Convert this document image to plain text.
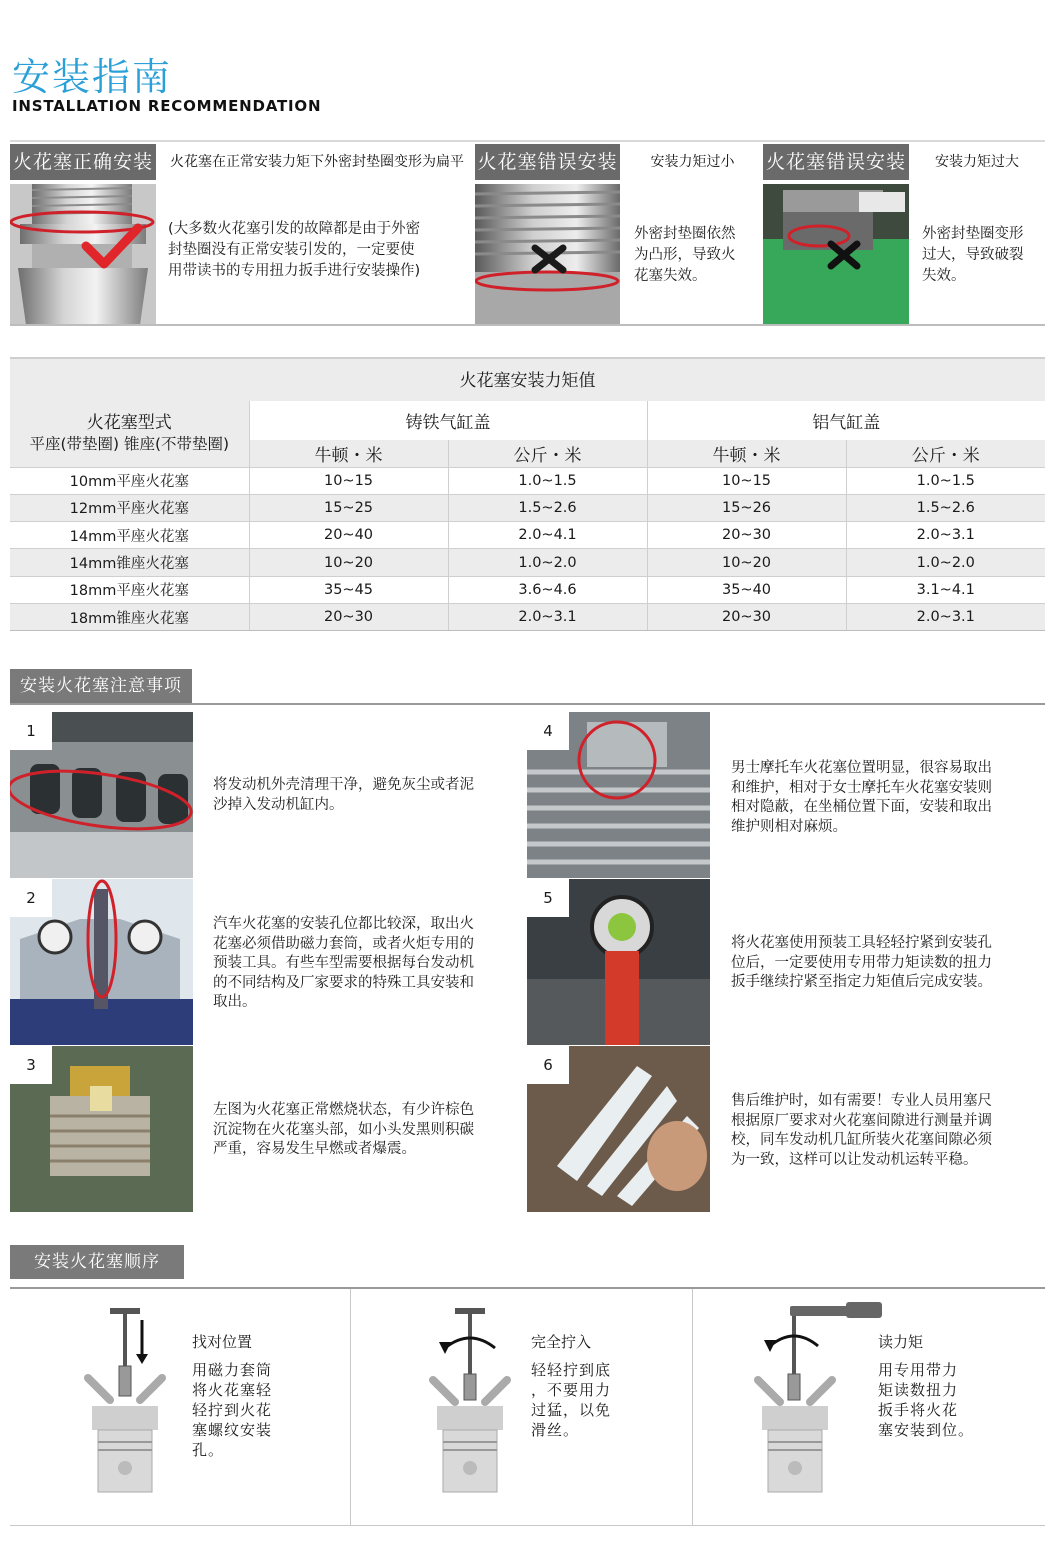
安装指南
INSTALLATION RECOMMENDATION
火花塞正确安装	火花塞在正常安装力矩下外密封垫圈变形为扁平 火花塞错误安装	安装力矩过小	火花塞错误安装	安装力矩过大
(大多数火花塞引发的故障都是由于外密
封垫圈没有正常安装引发的，一定要使
用带读书的专用扭力扳手进行安装操作)
外密封垫圈依然
为凸形，导致火
花塞失效。
外密封垫圈变形
过大，导致破裂
失效。
火花塞安装力矩值
火花塞型式
平座(带垫圈) 锥座(不带垫圈)	铸铁气缸盖		铝气缸盖	
	牛顿・米	公斤・米	牛顿・米	公斤・米
10mm平座火花塞	10~15	1.0~1.5	10~15	1.0~1.5
12mm平座火花塞	15~25	1.5~2.6	15~26	1.5~2.6
14mm平座火花塞	20~40	2.0~4.1	20~30	2.0~3.1
14mm锥座火花塞	10~20	1.0~2.0	10~20	1.0~2.0
18mm平座火花塞	35~45	3.6~4.6	35~40	3.1~4.1
18mm锥座火花塞	20~30	2.0~3.1	20~30	2.0~3.1
安装火花塞注意事项
1
将发动机外壳清理干净，避免灰尘或者泥
沙掉入发动机缸内。
2
汽车火花塞的安装孔位都比较深，取出火
花塞必须借助磁力套筒，或者火炬专用的
预装工具。有些车型需要根据每台发动机
的不同结构及厂家要求的特殊工具安装和
取出。
3
左图为火花塞正常燃烧状态，有少许棕色
沉淀物在火花塞头部，如小头发黑则积碳
严重，容易发生早燃或者爆震。
4
男士摩托车火花塞位置明显，很容易取出
和维护，相对于女士摩托车火花塞安装则
相对隐蔽，在坐桶位置下面，安装和取出
维护则相对麻烦。
5
将火花塞使用预装工具轻轻拧紧到安装孔
位后，一定要使用专用带力矩读数的扭力
扳手继续拧紧至指定力矩值后完成安装。
6
售后维护时，如有需要！专业人员用塞尺
根据原厂要求对火花塞间隙进行测量并调
校，同车发动机几缸所装火花塞间隙必须
为一致，这样可以让发动机运转平稳。
安装火花塞顺序
找对位置
用磁力套筒
将火花塞轻
轻拧到火花
塞螺纹安装
孔。
完全拧入
轻轻拧到底
，不要用力
过猛，以免
滑丝。
读力矩
用专用带力
矩读数扭力
扳手将火花
塞安装到位。
